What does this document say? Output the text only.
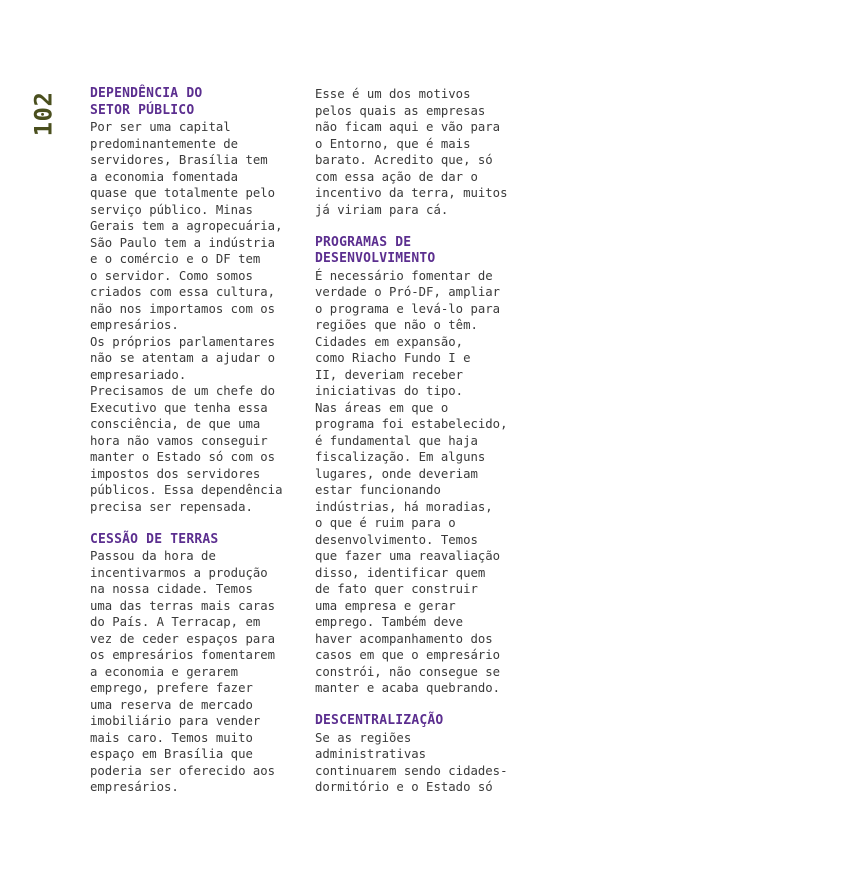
102	DEPENDÊNCIA DO
SETOR PÚBLICO

Por ser uma capital
predominantemente de
servidores, Brasília tem
a economia fomentada
quase que totalmente pelo
serviço público. Minas
Gerais tem a agropecuária,
São Paulo tem a indústria
e o comércio e o DF tem
o servidor. Como somos
criados com essa cultura,
não nos importamos com os
empresários.

Os próprios parlamentares
não se atentam a ajudar o
empresariado.

Precisamos de um chefe do
Executivo que tenha essa
consciência, de que uma
hora não vamos conseguir
manter o Estado só com os
impostos dos servidores
públicos. Essa dependência
precisa ser repensada.

CESSÃO DE TERRAS

Passou da hora de
incentivarmos a produção
na nossa cidade. Temos
uma das terras mais caras
do País. A Terracap, em
vez de ceder espaços para
os empresários fomentarem
a economia e gerarem
emprego, prefere fazer
uma reserva de mercado
imobiliário para vender
mais caro. Temos muito
espaço em Brasília que
poderia ser oferecido aos
empresários.

Esse é um dos motivos
pelos quais as empresas
não ficam aqui e vão para
o Entorno, que é mais
barato. Acredito que, só
com essa ação de dar o
incentivo da terra, muitos
já viriam para cá.

PROGRAMAS DE
DESENVOLVIMENTO

É necessário fomentar de
verdade o Pró-DF, ampliar
o programa e levá-lo para
regiões que não o têm.
Cidades em expansão,
como Riacho Fundo I e
II, deveriam receber
iniciativas do tipo.

Nas áreas em que o
programa foi estabelecido,
é fundamental que haja
fiscalização. Em alguns
lugares, onde deveriam
estar funcionando
indústrias, há moradias,
o que é ruim para o
desenvolvimento. Temos
que fazer uma reavaliação
disso, identificar quem
de fato quer construir
uma empresa e gerar
emprego. Também deve
haver acompanhamento dos
casos em que o empresário
constrói, não consegue se
manter e acaba quebrando.

DESCENTRALIZAÇÃO

Se as regiões
administrativas
continuarem sendo cidades-
dormitório e o Estado só
